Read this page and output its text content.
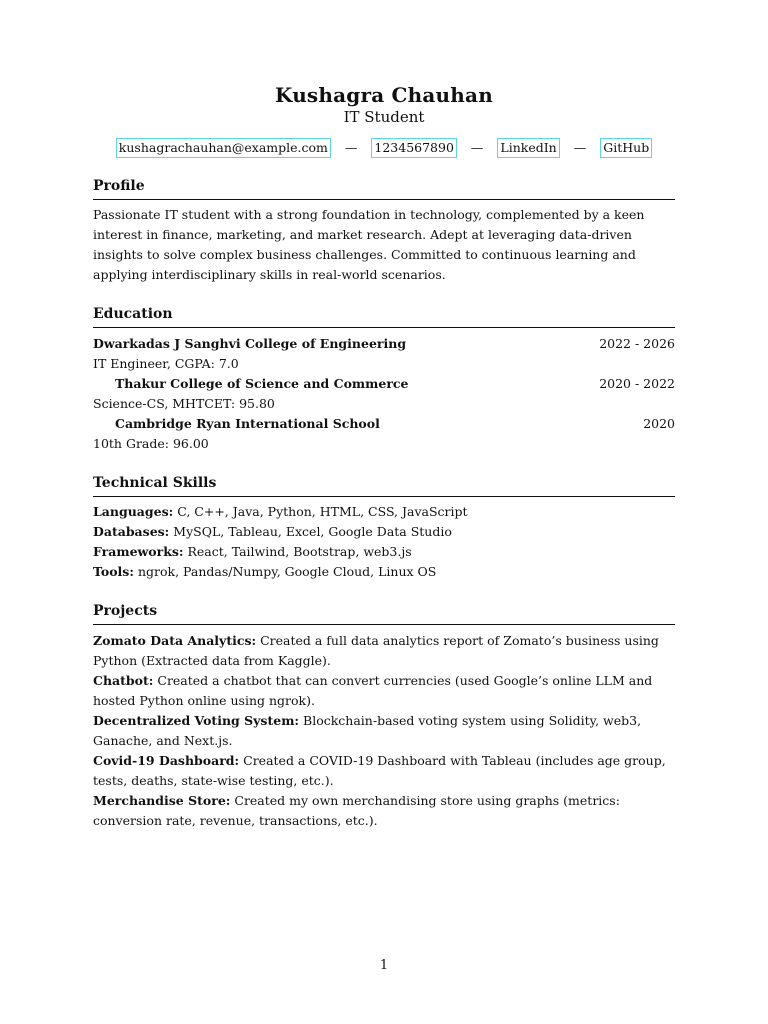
Kushagra Chauhan
IT Student
kushagrachauhan@example.com — 1234567890 — LinkedIn — GitHub
Profile
Passionate IT student with a strong foundation in technology, complemented by a keen interest in finance, marketing, and market research. Adept at leveraging data-driven insights to solve complex business challenges. Committed to continuous learning and applying interdisciplinary skills in real-world scenarios.
Education
Dwarkadas J Sanghvi College of Engineering	2022 - 2026
IT Engineer, CGPA: 7.0
Thakur College of Science and Commerce	2020 - 2022
Science-CS, MHTCET: 95.80
Cambridge Ryan International School	2020
10th Grade: 96.00
Technical Skills
Languages: C, C++, Java, Python, HTML, CSS, JavaScript
Databases: MySQL, Tableau, Excel, Google Data Studio
Frameworks: React, Tailwind, Bootstrap, web3.js
Tools: ngrok, Pandas/Numpy, Google Cloud, Linux OS
Projects
Zomato Data Analytics: Created a full data analytics report of Zomato’s business using Python (Extracted data from Kaggle).
Chatbot: Created a chatbot that can convert currencies (used Google’s online LLM and hosted Python online using ngrok).
Decentralized Voting System: Blockchain-based voting system using Solidity, web3, Ganache, and Next.js.
Covid-19 Dashboard: Created a COVID-19 Dashboard with Tableau (includes age group, tests, deaths, state-wise testing, etc.).
Merchandise Store: Created my own merchandising store using graphs (metrics: conversion rate, revenue, transactions, etc.).
1
